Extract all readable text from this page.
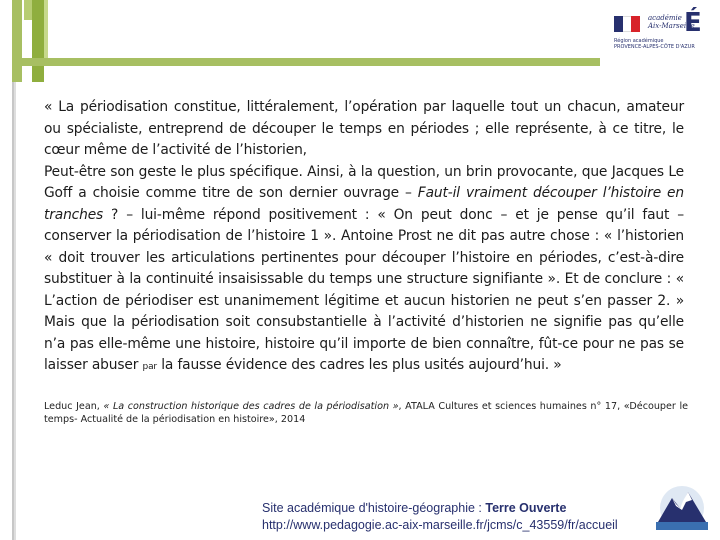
académie
Aix-Marseille
É
Région académique
PROVENCE-ALPES-CÔTE D'AZUR

« La périodisation constitue, littéralement, l’opération par laquelle tout un chacun, amateur ou spécialiste, entreprend de découper le temps en périodes ; elle représente, à ce titre, le cœur même de l’activité de l’historien,

Peut-être son geste le plus spécifique. Ainsi, à la question, un brin provocante, que Jacques Le Goff a choisie comme titre de son dernier ouvrage – Faut-il vraiment découper l’histoire en tranches ? – lui-même répond positivement : « On peut donc – et je pense qu’il faut – conserver la périodisation de l’histoire 1 ». Antoine Prost ne dit pas autre chose : « l’historien « doit trouver les articulations pertinentes pour découper l’histoire en périodes, c’est-à-dire substituer à la continuité insaisissable du temps une structure signifiante ». Et de conclure : « L’action de périodiser est unanimement légitime et aucun historien ne peut s’en passer 2. » Mais que la périodisation soit consubstantielle à l’activité d’historien ne signifie pas qu’elle n’a pas elle-même une histoire, histoire qu’il importe de bien connaître, fût-ce pour ne pas se laisser abuser par la fausse évidence des cadres les plus usités aujourd’hui. »

Leduc Jean, « La construction historique des cadres de la périodisation », ATALA Cultures et sciences humaines n° 17, «Découper le temps- Actualité de la périodisation en histoire», 2014
Site académique d'histoire-géographie : Terre Ouverte
http://www.pedagogie.ac-aix-marseille.fr/jcms/c_43559/fr/accueil
